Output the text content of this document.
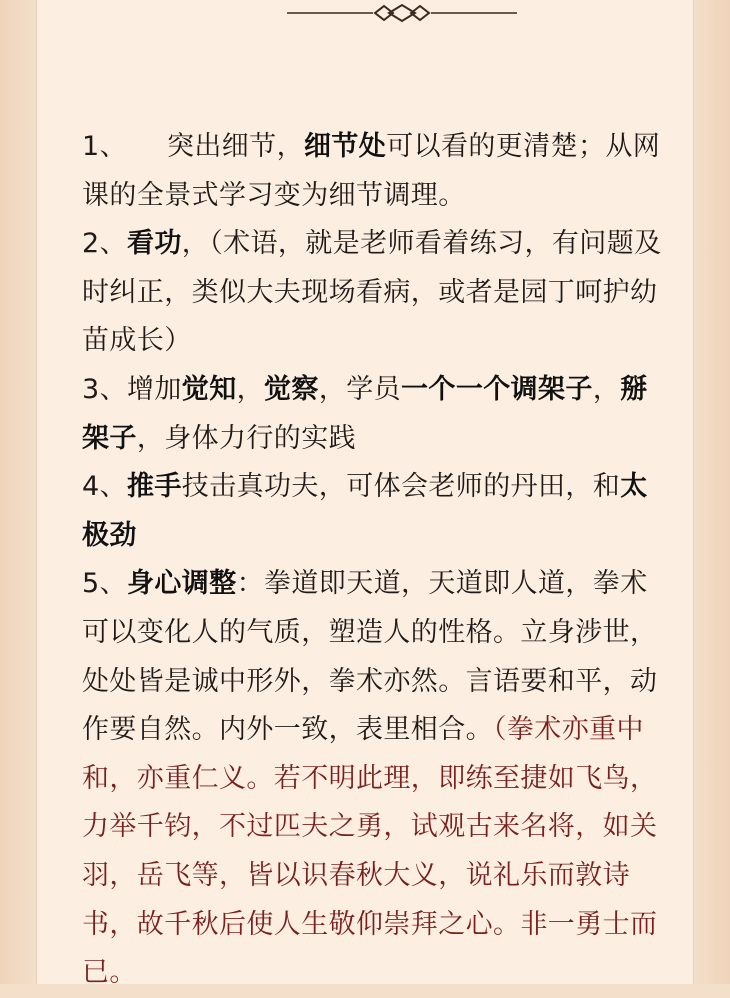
1、 突出细节，细节处可以看的更清楚；从网课的全景式学习变为细节调理。

2、看功，（术语，就是老师看着练习，有问题及时纠正，类似大夫现场看病，或者是园丁呵护幼苗成长）

3、增加觉知，觉察，学员一个一个调架子，掰架子，身体力行的实践

4、推手技击真功夫，可体会老师的丹田，和太极劲

5、身心调整：拳道即天道，天道即人道，拳术可以变化人的气质，塑造人的性格。立身涉世，处处皆是诚中形外，拳术亦然。言语要和平，动作要自然。内外一致，表里相合。（拳术亦重中和，亦重仁义。若不明此理，即练至捷如飞鸟，力举千钧，不过匹夫之勇，试观古来名将，如关羽，岳飞等，皆以识春秋大义，说礼乐而敦诗书，故千秋后使人生敬仰崇拜之心。非一勇士而已。
